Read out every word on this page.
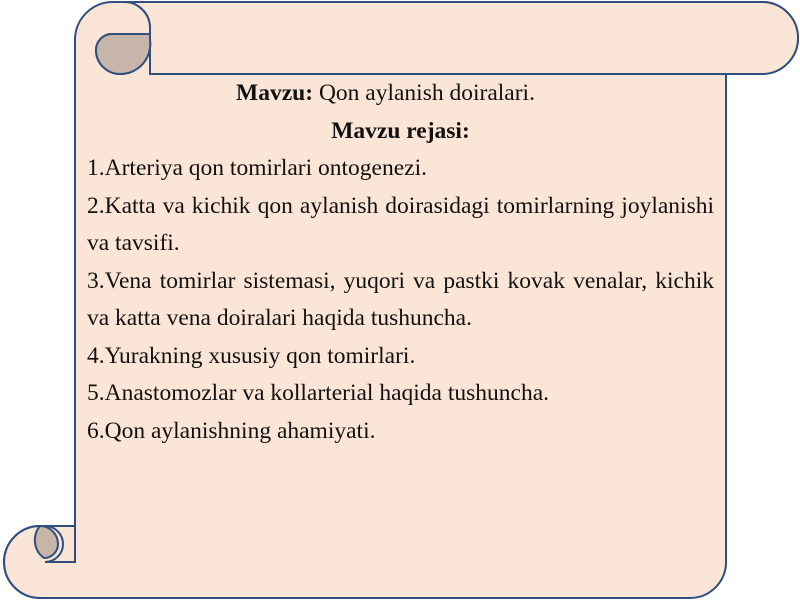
Mavzu: Qon aylanish doiralari.

Mavzu rejasi:

1.Arteriya qon tomirlari ontogenezi.

2.Katta va kichik qon aylanish doirasidagi tomirlarning joylanishi va tavsifi.

3.Vena tomirlar sistemasi, yuqori va pastki kovak venalar, kichik va katta vena doiralari haqida tushuncha.

4.Yurakning xususiy qon tomirlari.

5.Anastomozlar va kollarterial haqida tushuncha.

6.Qon aylanishning ahamiyati.
